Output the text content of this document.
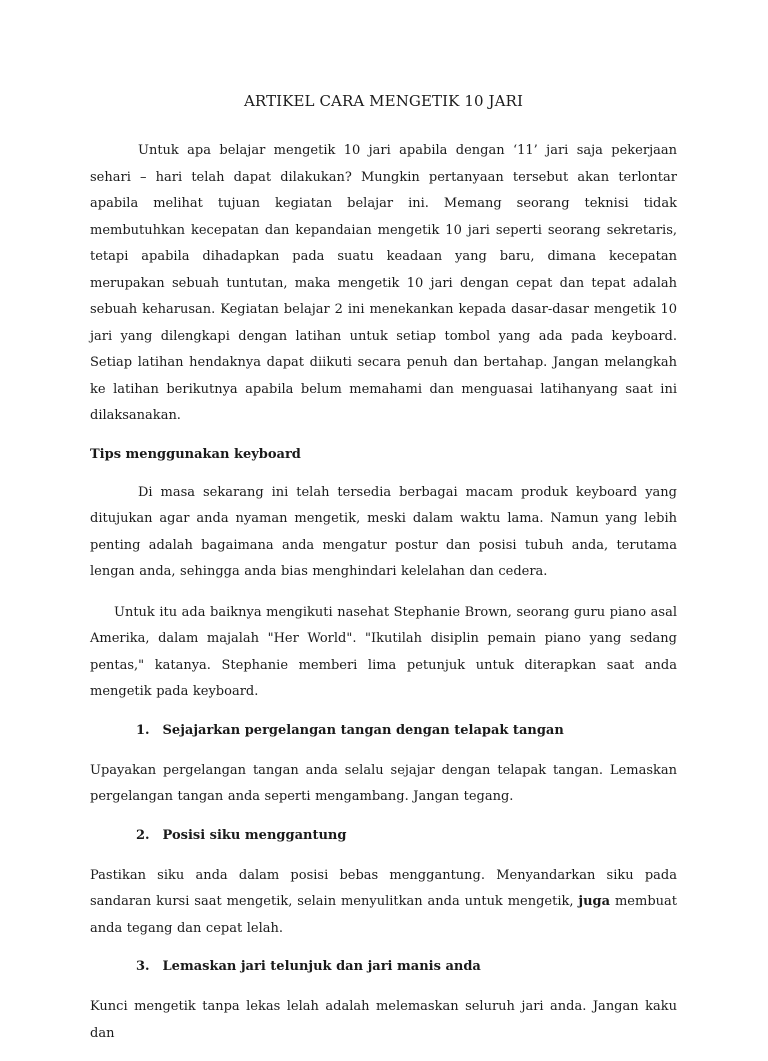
ARTIKEL CARA MENGETIK 10 JARI

Untuk apa belajar mengetik 10 jari apabila dengan ‘11’ jari saja pekerjaan sehari – hari telah dapat dilakukan? Mungkin pertanyaan tersebut akan terlontar apabila melihat tujuan kegiatan belajar ini. Memang seorang teknisi tidak membutuhkan kecepatan dan kepandaian mengetik 10 jari seperti seorang sekretaris, tetapi apabila dihadapkan pada suatu keadaan yang baru, dimana kecepatan merupakan sebuah tuntutan, maka mengetik 10 jari dengan cepat dan tepat adalah sebuah keharusan. Kegiatan belajar 2 ini menekankan kepada dasar-dasar mengetik 10 jari yang dilengkapi dengan latihan untuk setiap tombol yang ada pada keyboard. Setiap latihan hendaknya dapat diikuti secara penuh dan bertahap. Jangan melangkah ke latihan berikutnya apabila belum memahami dan menguasai latihanyang saat ini dilaksanakan.

Tips menggunakan keyboard

Di masa sekarang ini telah tersedia berbagai macam produk keyboard yang ditujukan agar anda nyaman mengetik, meski dalam waktu lama. Namun yang lebih penting adalah bagaimana anda mengatur postur dan posisi tubuh anda, terutama lengan anda, sehingga anda bias menghindari kelelahan dan cedera.

Untuk itu ada baiknya mengikuti nasehat Stephanie Brown, seorang guru piano asal Amerika, dalam majalah "Her World". "Ikutilah disiplin pemain piano yang sedang pentas," katanya. Stephanie memberi lima petunjuk untuk diterapkan saat anda mengetik pada keyboard.

1. Sejajarkan pergelangan tangan dengan telapak tangan

Upayakan pergelangan tangan anda selalu sejajar dengan telapak tangan. Lemaskan pergelangan tangan anda seperti mengambang. Jangan tegang.

2. Posisi siku menggantung

Pastikan siku anda dalam posisi bebas menggantung. Menyandarkan siku pada sandaran kursi saat mengetik, selain menyulitkan anda untuk mengetik, juga membuat anda tegang dan cepat lelah.

3. Lemaskan jari telunjuk dan jari manis anda

Kunci mengetik tanpa lekas lelah adalah melemaskan seluruh jari anda. Jangan kaku dan
